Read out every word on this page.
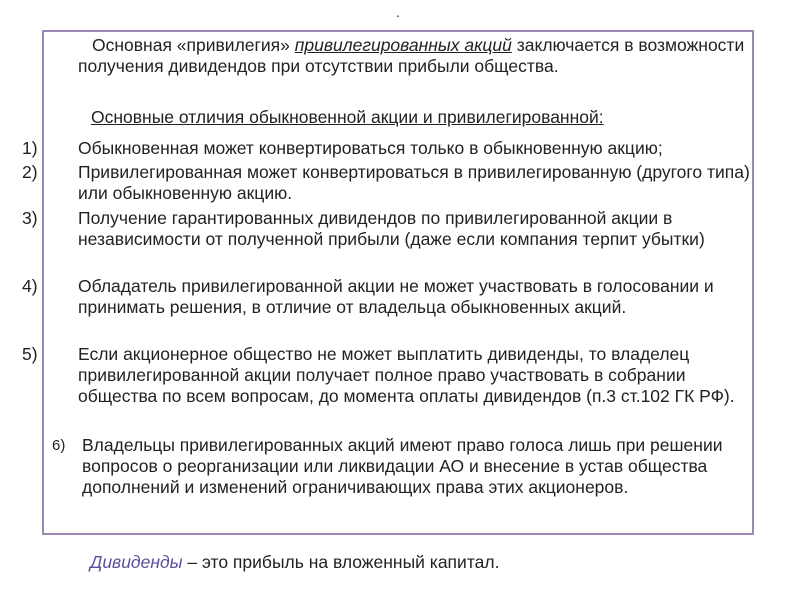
.
Основная «привилегия» привилегированных акций заключается в возможности получения дивидендов при отсутствии прибыли общества.
Основные отличия обыкновенной акции и привилегированной:
1) Обыкновенная может конвертироваться только в обыкновенную акцию;
2) Привилегированная может конвертироваться в привилегированную (другого типа) или обыкновенную акцию.
3) Получение гарантированных дивидендов по привилегированной акции в независимости от полученной прибыли (даже если компания терпит убытки)
4) Обладатель привилегированной акции не может участвовать в голосовании и принимать решения, в отличие от владельца обыкновенных акций.
5) Если акционерное общество не может выплатить дивиденды, то владелец привилегированной акции получает полное право участвовать в собрании общества по всем вопросам, до момента оплаты дивидендов (п.3 ст.102 ГК РФ).
6) Владельцы привилегированных акций имеют право голоса лишь при решении вопросов о реорганизации или ликвидации АО и внесение в устав общества дополнений и изменений ограничивающих права этих акционеров.
Дивиденды – это прибыль на вложенный капитал.
